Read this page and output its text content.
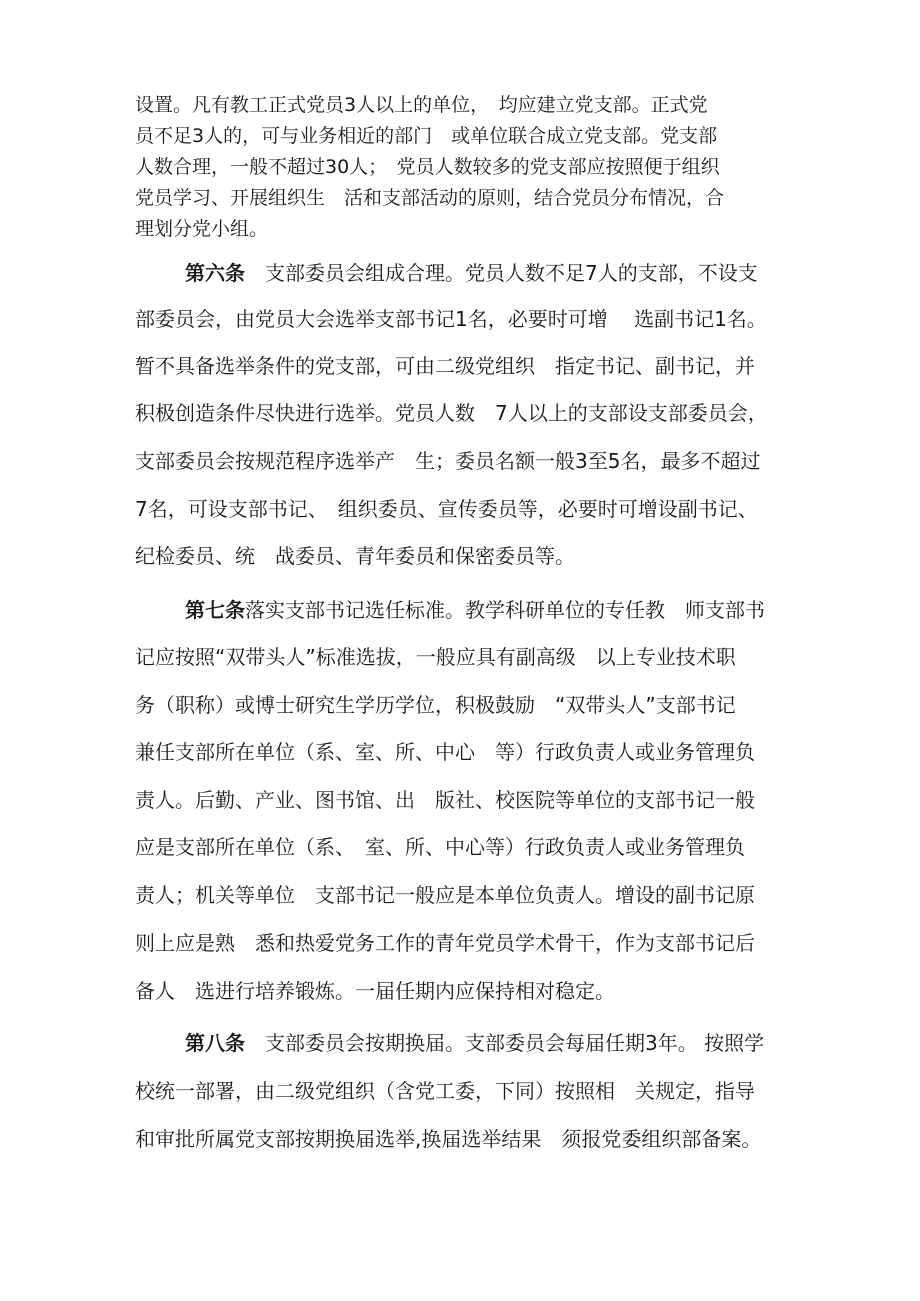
设置。凡有教工正式党员3人以上的单位，　均应建立党支部。正式党
员不足3人的，可与业务相近的部门　或单位联合成立党支部。党支部
人数合理，一般不超过30人；　党员人数较多的党支部应按照便于组织
党员学习、开展组织生　活和支部活动的原则，结合党员分布情况，合
理划分党小组。
第六条　支部委员会组成合理。党员人数不足7人的支部，不设支
部委员会，由党员大会选举支部书记1名，必要时可增　 选副书记1名。
暂不具备选举条件的党支部，可由二级党组织　指定书记、副书记，并
积极创造条件尽快进行选举。党员人数　7人以上的支部设支部委员会，
支部委员会按规范程序选举产　生；委员名额一般3至5名，最多不超过
7名，可设支部书记、　组织委员、宣传委员等，必要时可增设副书记、
纪检委员、统　战委员、青年委员和保密委员等。
第七条落实支部书记选任标准。教学科研单位的专任教　师支部书
记应按照“双带头人”标准选拔，一般应具有副高级　以上专业技术职
务（职称）或博士研究生学历学位，积极鼓励　“双带头人”支部书记
兼任支部所在单位（系、室、所、中心　等）行政负责人或业务管理负
责人。后勤、产业、图书馆、出　版社、校医院等单位的支部书记一般
应是支部所在单位（系、　室、所、中心等）行政负责人或业务管理负
责人；机关等单位　支部书记一般应是本单位负责人。增设的副书记原
则上应是熟　悉和热爱党务工作的青年党员学术骨干，作为支部书记后
备人　选进行培养锻炼。一届任期内应保持相对稳定。
第八条　支部委员会按期换届。支部委员会每届任期3年。 按照学
校统一部署，由二级党组织（含党工委，下同）按照相　关规定，指导
和审批所属党支部按期换届选举,换届选举结果　须报党委组织部备案。
